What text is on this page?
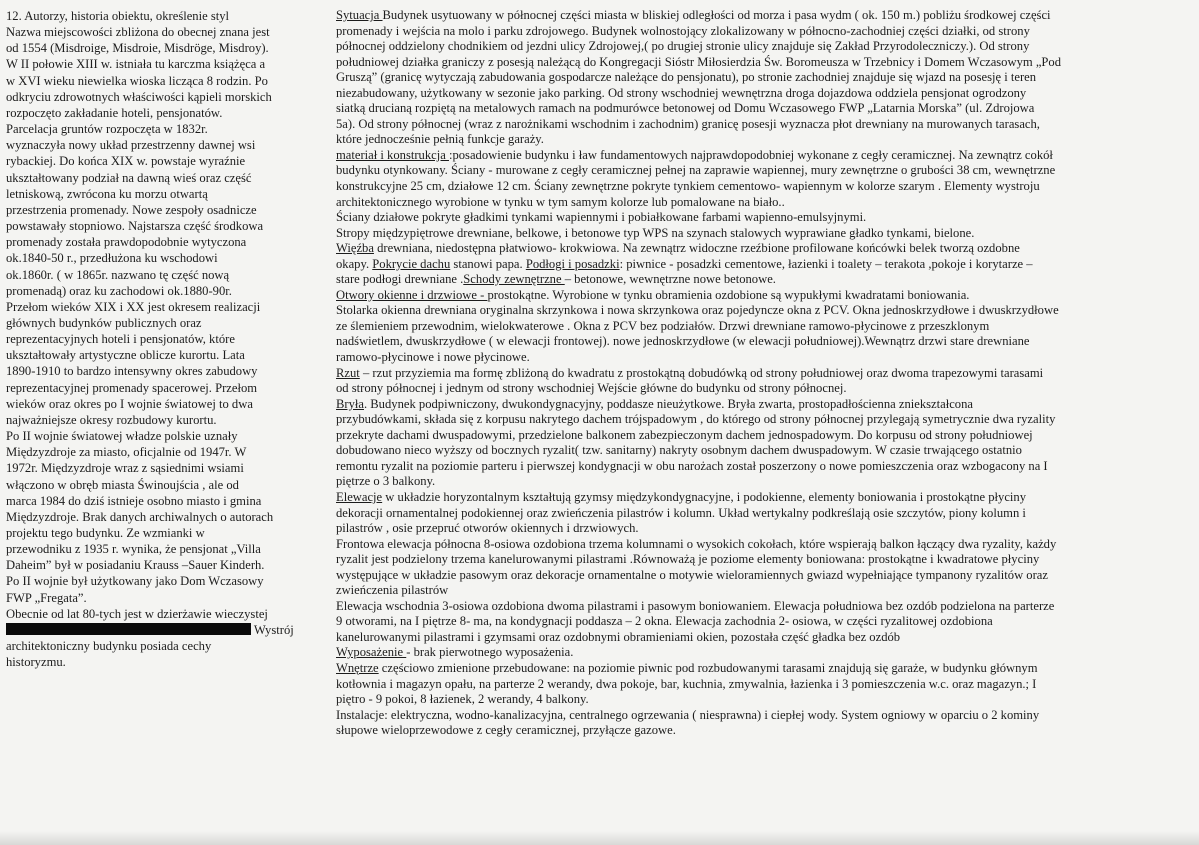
12. Autorzy, historia obiektu, określenie styl
Nazwa miejscowości zbliżona do obecnej znana jest
od 1554 (Misdroige, Misdroie, Misdröge, Misdroy).
W II połowie XIII w. istniała tu karczma książęca a
w XVI wieku niewielka wioska licząca 8 rodzin. Po
odkryciu zdrowotnych właściwości kąpieli morskich
rozpoczęto zakładanie hoteli, pensjonatów.
Parcelacja gruntów rozpoczęta w 1832r.
wyznaczyła nowy układ przestrzenny dawnej wsi
rybackiej. Do końca XIX w. powstaje wyraźnie
ukształtowany podział na dawną wieś oraz część
letniskową, zwrócona ku morzu otwartą
przestrzenia promenady. Nowe zespoły osadnicze
powstawały stopniowo. Najstarsza część środkowa
promenady została prawdopodobnie wytyczona
ok.1840-50 r., przedłużona ku wschodowi
ok.1860r. ( w 1865r. nazwano tę część nową
promenadą) oraz ku zachodowi ok.1880-90r.
Przełom wieków XIX i XX jest okresem realizacji
głównych budynków publicznych oraz
reprezentacyjnych hoteli i pensjonatów, które
ukształtowały artystyczne oblicze kurortu. Lata
1890-1910 to bardzo intensywny okres zabudowy
reprezentacyjnej promenady spacerowej. Przełom
wieków oraz okres po I wojnie światowej to dwa
najważniejsze okresy rozbudowy kurortu.
Po II wojnie światowej władze polskie uznały
Międzyzdroje za miasto, oficjalnie od 1947r. W
1972r. Międzyzdroje wraz z sąsiednimi wsiami
włączono w obręb miasta Świnoujścia , ale od
marca 1984 do dziś istnieje osobno miasto i gmina
Międzyzdroje. Brak danych archiwalnych o autorach
projektu tego budynku. Ze wzmianki w
przewodniku z 1935 r. wynika, że pensjonat „Villa
Daheim” był w posiadaniu Krauss –Sauer Kinderh.
Po II wojnie był użytkowany jako Dom Wczasowy
FWP „Fregata”.
Obecnie od lat 80-tych jest w dzierżawie wieczystej
Wystrój
architektoniczny budynku posiada cechy
historyzmu.
Sytuacja Budynek usytuowany w północnej części miasta w bliskiej odległości od morza i pasa wydm ( ok. 150 m.) pobliżu środkowej części
promenady i wejścia na molo i parku zdrojowego. Budynek wolnostojący zlokalizowany w północno-zachodniej części działki, od strony
północnej oddzielony chodnikiem od jezdni ulicy Zdrojowej,( po drugiej stronie ulicy znajduje się Zakład Przyrodoleczniczy.). Od strony
południowej działka graniczy z posesją należącą do Kongregacji Sióstr Miłosierdzia Św. Boromeusza w Trzebnicy i Domem Wczasowym „Pod
Gruszą” (granicę wytyczają zabudowania gospodarcze należące do pensjonatu), po stronie zachodniej znajduje się wjazd na posesję i teren
niezabudowany, użytkowany w sezonie jako parking. Od strony wschodniej wewnętrzna droga dojazdowa oddziela pensjonat ogrodzony
siatką drucianą rozpiętą na metalowych ramach na podmurówce betonowej od Domu Wczasowego FWP „Latarnia Morska” (ul. Zdrojowa
5a). Od strony północnej (wraz z narożnikami wschodnim i zachodnim) granicę posesji wyznacza płot drewniany na murowanych tarasach,
które jednocześnie pełnią funkcje garaży.
materiał i konstrukcja :posadowienie budynku i ław fundamentowych najprawdopodobniej wykonane z cegły ceramicznej. Na zewnątrz cokół
budynku otynkowany. Ściany - murowane z cegły ceramicznej pełnej na zaprawie wapiennej, mury zewnętrzne o grubości 38 cm, wewnętrzne
konstrukcyjne 25 cm, działowe 12 cm. Ściany zewnętrzne pokryte tynkiem cementowo- wapiennym w kolorze szarym . Elementy wystroju
architektonicznego wyrobione w tynku w tym samym kolorze lub pomalowane na biało..
Ściany działowe pokryte gładkimi tynkami wapiennymi i pobiałkowane farbami wapienno-emulsyjnymi.
Stropy międzypiętrowe drewniane, belkowe, i betonowe typ WPS na szynach stalowych wyprawiane gładko tynkami, bielone.
Więźba drewniana, niedostępna płatwiowo- krokwiowa. Na zewnątrz widoczne rzeźbione profilowane końcówki belek tworzą ozdobne
okapy. Pokrycie dachu stanowi papa. Podłogi i posadzki: piwnice - posadzki cementowe, łazienki i toalety – terakota ,pokoje i korytarze –
stare podłogi drewniane .Schody zewnętrzne – betonowe, wewnętrzne nowe betonowe.
Otwory okienne i drzwiowe - prostokątne. Wyrobione w tynku obramienia ozdobione są wypukłymi kwadratami boniowania.
Stolarka okienna drewniana oryginalna skrzynkowa i nowa skrzynkowa oraz pojedyncze okna z PCV. Okna jednoskrzydłowe i dwuskrzydłowe
ze ślemieniem przewodnim, wielokwaterowe . Okna z PCV bez podziałów. Drzwi drewniane ramowo-płycinowe z przeszklonym
nadświetlem, dwuskrzydłowe ( w elewacji frontowej). nowe jednoskrzydłowe (w elewacji południowej).Wewnątrz drzwi stare drewniane
ramowo-płycinowe i nowe płycinowe.
Rzut – rzut przyziemia ma formę zbliżoną do kwadratu z prostokątną dobudówką od strony południowej oraz dwoma trapezowymi tarasami
od strony północnej i jednym od strony wschodniej Wejście główne do budynku od strony północnej.
Bryła. Budynek podpiwniczony, dwukondygnacyjny, poddasze nieużytkowe. Bryła zwarta, prostopadłościenna zniekształcona
przybudówkami, składa się z korpusu nakrytego dachem trójspadowym , do którego od strony północnej przylegają symetrycznie dwa ryzality
przekryte dachami dwuspadowymi, przedzielone balkonem zabezpieczonym dachem jednospadowym. Do korpusu od strony południowej
dobudowano nieco wyższy od bocznych ryzalit( tzw. sanitarny) nakryty osobnym dachem dwuspadowym. W czasie trwającego ostatnio
remontu ryzalit na poziomie parteru i pierwszej kondygnacji w obu narożach został poszerzony o nowe pomieszczenia oraz wzbogacony na I
piętrze o 3 balkony.
Elewacje w układzie horyzontalnym kształtują gzymsy międzykondygnacyjne, i podokienne, elementy boniowania i prostokątne płyciny
dekoracji ornamentalnej podokiennej oraz zwieńczenia pilastrów i kolumn. Układ wertykalny podkreślają osie szczytów, piony kolumn i
pilastrów , osie przepruć otworów okiennych i drzwiowych.
Frontowa elewacja północna 8-osiowa ozdobiona trzema kolumnami o wysokich cokołach, które wspierają balkon łączący dwa ryzality, każdy
ryzalit jest podzielony trzema kanelurowanymi pilastrami .Równoważą je poziome elementy boniowana: prostokątne i kwadratowe płyciny
występujące w układzie pasowym oraz dekoracje ornamentalne o motywie wieloramiennych gwiazd wypełniające tympanony ryzalitów oraz
zwieńczenia pilastrów
Elewacja wschodnia 3-osiowa ozdobiona dwoma pilastrami i pasowym boniowaniem. Elewacja południowa bez ozdób podzielona na parterze
9 otworami, na I piętrze 8- ma, na kondygnacji poddasza – 2 okna. Elewacja zachodnia 2- osiowa, w części ryzalitowej ozdobiona
kanelurowanymi pilastrami i gzymsami oraz ozdobnymi obramieniami okien, pozostała część gładka bez ozdób
Wyposażenie - brak pierwotnego wyposażenia.
Wnętrze częściowo zmienione przebudowane: na poziomie piwnic pod rozbudowanymi tarasami znajdują się garaże, w budynku głównym
kotłownia i magazyn opału, na parterze 2 werandy, dwa pokoje, bar, kuchnia, zmywalnia, łazienka i 3 pomieszczenia w.c. oraz magazyn.; I
piętro - 9 pokoi, 8 łazienek, 2 werandy, 4 balkony.
Instalacje: elektryczna, wodno-kanalizacyjna, centralnego ogrzewania ( niesprawna) i ciepłej wody. System ogniowy w oparciu o 2 kominy
słupowe wieloprzewodowe z cegły ceramicznej, przyłącze gazowe.
